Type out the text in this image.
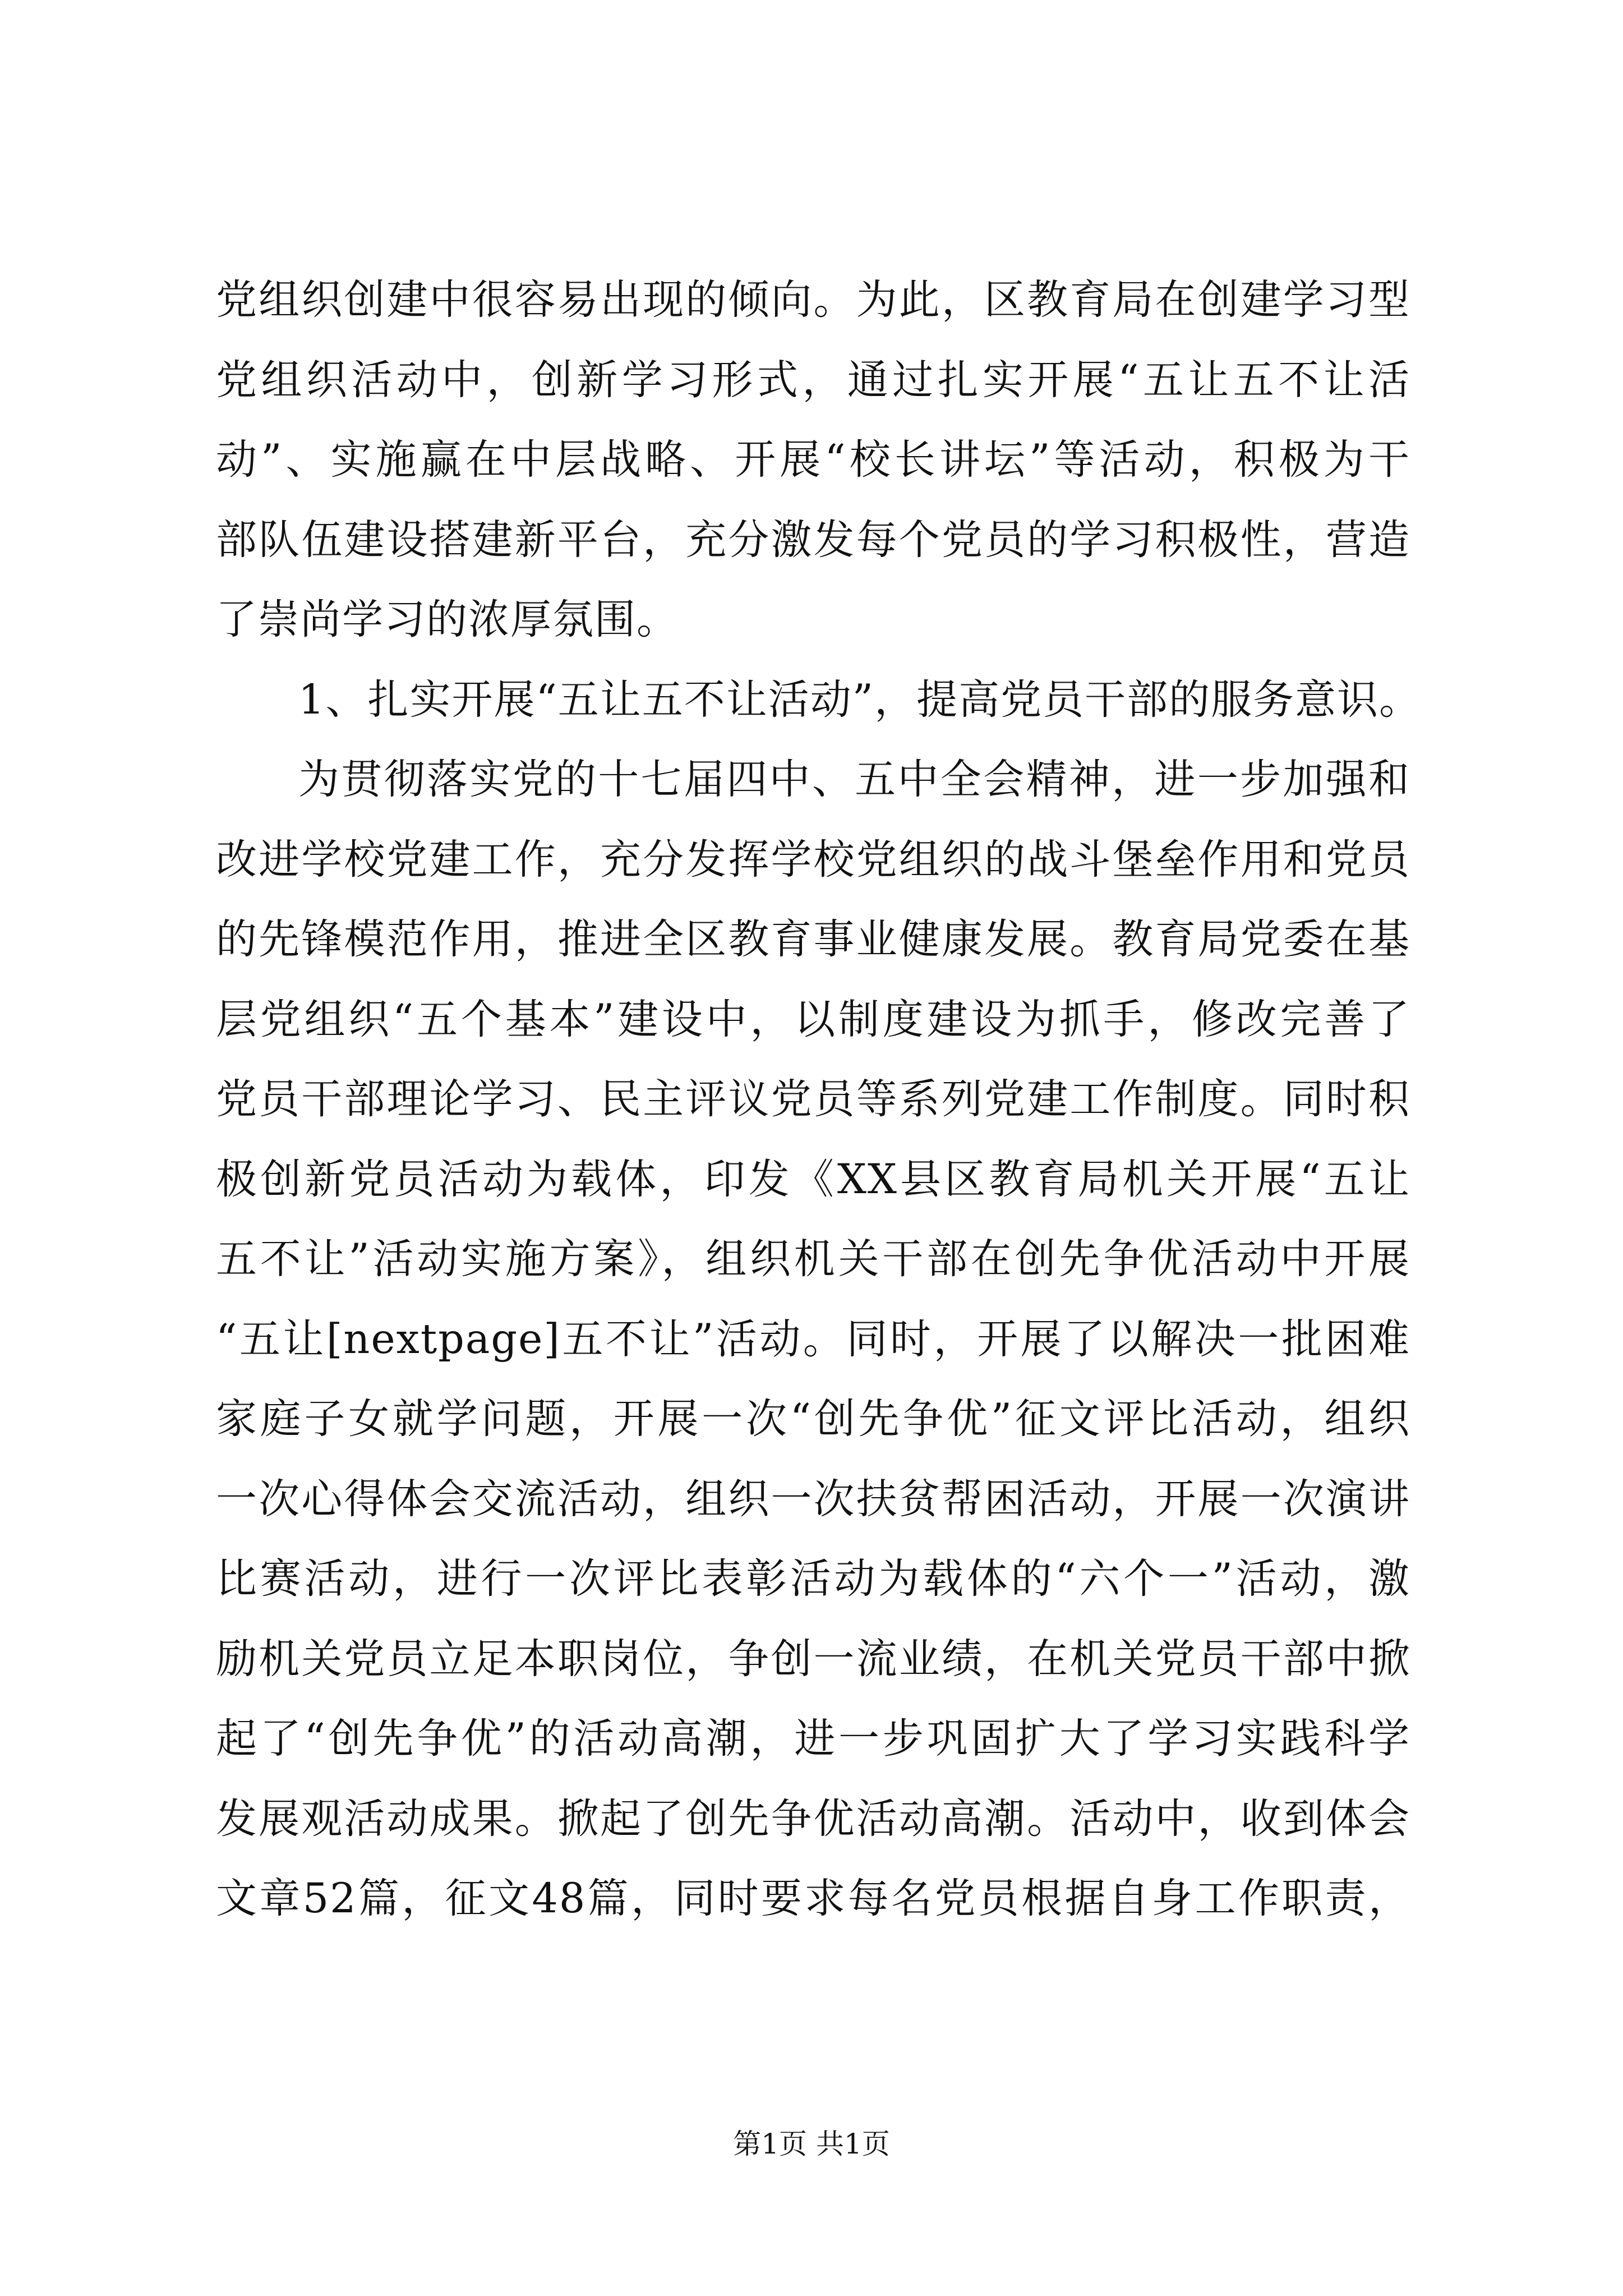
党组织创建中很容易出现的倾向。为此，区教育局在创建学习型
党组织活动中，创新学习形式，通过扎实开展“五让五不让活
动”、实施赢在中层战略、开展“校长讲坛”等活动，积极为干
部队伍建设搭建新平台，充分激发每个党员的学习积极性，营造
了崇尚学习的浓厚氛围。
1、扎实开展“五让五不让活动”，提高党员干部的服务意识。
为贯彻落实党的十七届四中、五中全会精神，进一步加强和
改进学校党建工作，充分发挥学校党组织的战斗堡垒作用和党员
的先锋模范作用，推进全区教育事业健康发展。教育局党委在基
层党组织“五个基本”建设中，以制度建设为抓手，修改完善了
党员干部理论学习、民主评议党员等系列党建工作制度。同时积
极创新党员活动为载体，印发《XX县区教育局机关开展“五让
五不让”活动实施方案》，组织机关干部在创先争优活动中开展
“五让[nextpage]五不让”活动。同时，开展了以解决一批困难
家庭子女就学问题，开展一次“创先争优”征文评比活动，组织
一次心得体会交流活动，组织一次扶贫帮困活动，开展一次演讲
比赛活动，进行一次评比表彰活动为载体的“六个一”活动，激
励机关党员立足本职岗位，争创一流业绩，在机关党员干部中掀
起了“创先争优”的活动高潮，进一步巩固扩大了学习实践科学
发展观活动成果。掀起了创先争优活动高潮。活动中，收到体会
文章52篇，征文48篇，同时要求每名党员根据自身工作职责，
第1页 共1页
